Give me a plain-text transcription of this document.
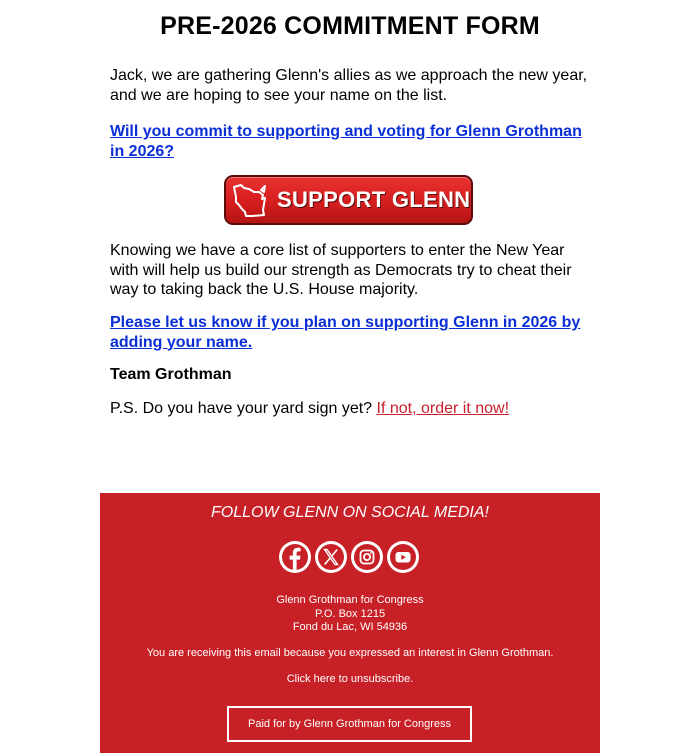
PRE-2026 COMMITMENT FORM

Jack, we are gathering Glenn's allies as we approach the new year, and we are hoping to see your name on the list.

Will you commit to supporting and voting for Glenn Grothman in 2026?

SUPPORT GLENN

Knowing we have a core list of supporters to enter the New Year with will help us build our strength as Democrats try to cheat their way to taking back the U.S. House majority.

Please let us know if you plan on supporting Glenn in 2026 by adding your name.

Team Grothman

P.S. Do you have your yard sign yet? If not, order it now!

FOLLOW GLENN ON SOCIAL MEDIA!
Glenn Grothman for Congress
P.O. Box 1215
Fond du Lac, WI 54936
You are receiving this email because you expressed an interest in Glenn Grothman.
Click here to unsubscribe.
Paid for by Glenn Grothman for Congress
